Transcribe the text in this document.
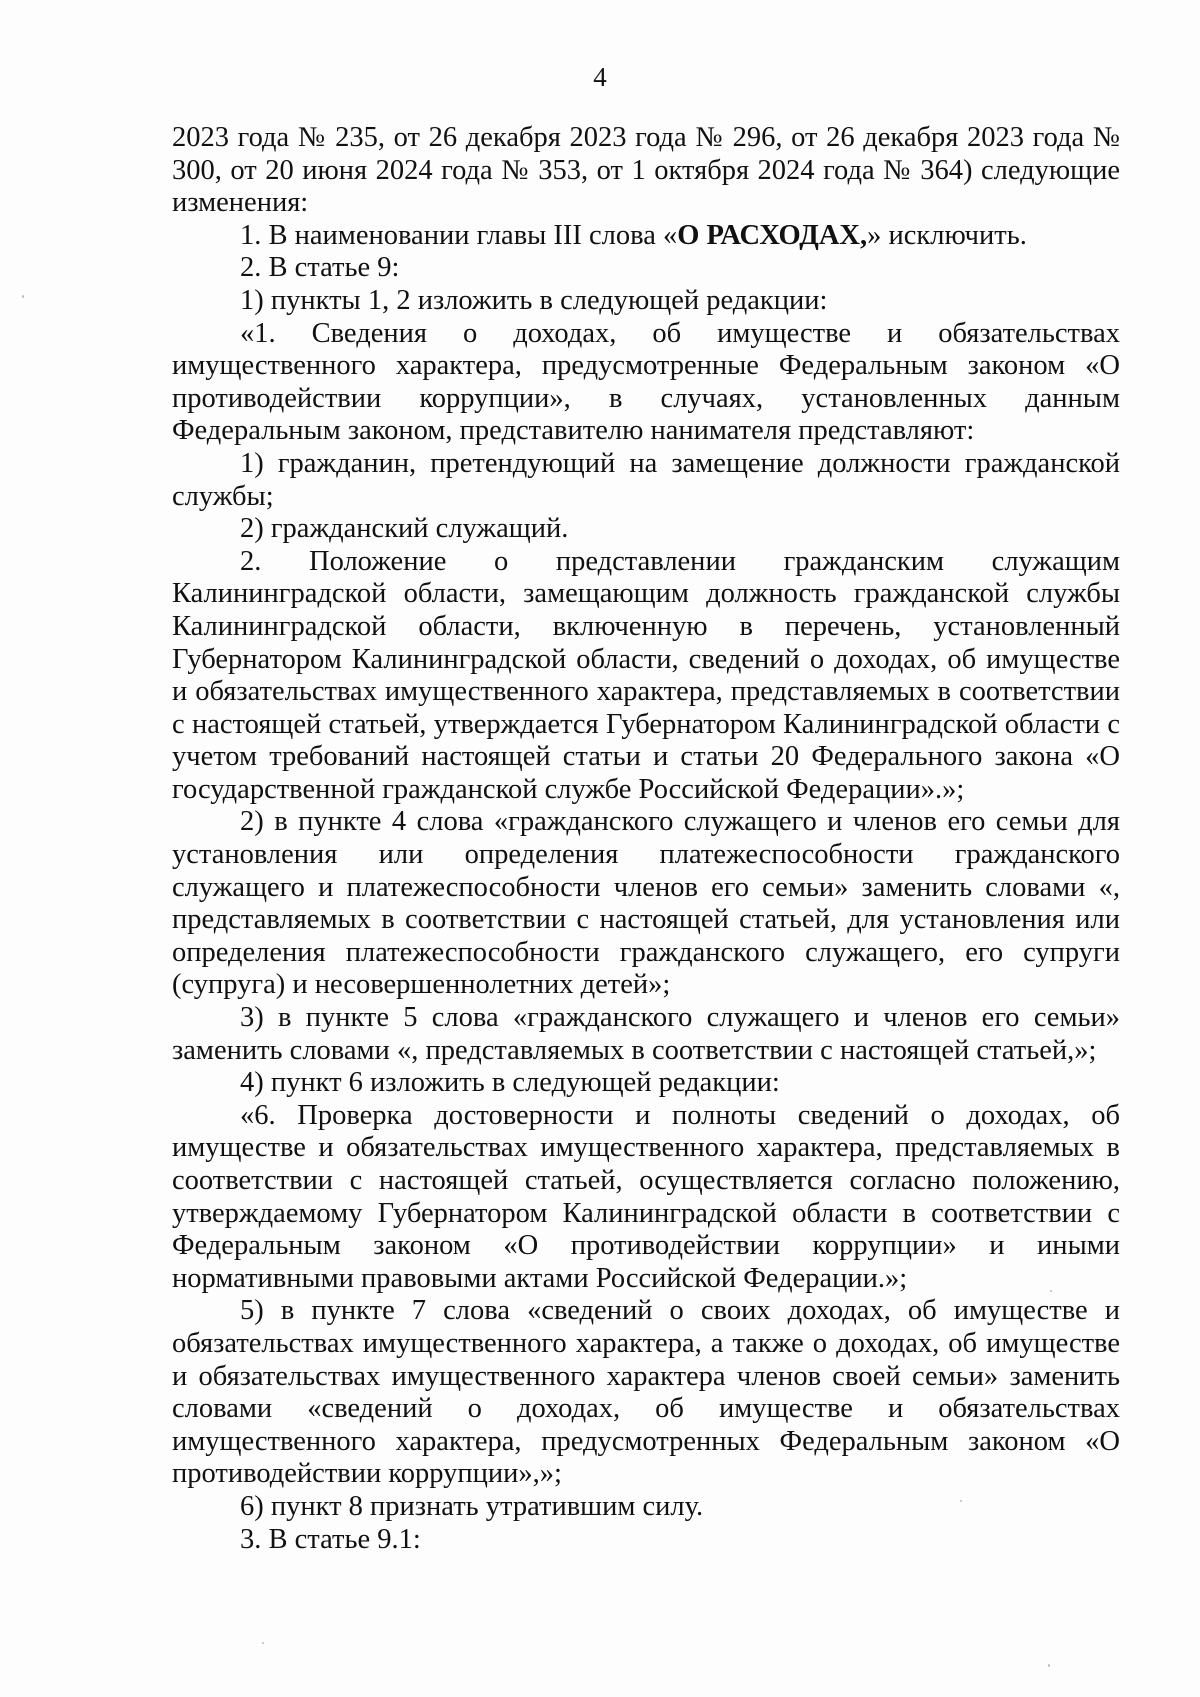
4

2023 года № 235, от 26 декабря 2023 года № 296, от 26 декабря 2023 года № 300, от 20 июня 2024 года № 353, от 1 октября 2024 года № 364) следующие изменения:

1. В наименовании главы III слова «О РАСХОДАХ,» исключить.

2. В статье 9:

1) пункты 1, 2 изложить в следующей редакции:

«1. Сведения о доходах, об имуществе и обязательствах имущественного характера, предусмотренные Федеральным законом «О противодействии коррупции», в случаях, установленных данным Федеральным законом, представителю нанимателя представляют:

1) гражданин, претендующий на замещение должности гражданской службы;

2) гражданский служащий.

2. Положение о представлении гражданским служащим Калининградской области, замещающим должность гражданской службы Калининградской области, включенную в перечень, установленный Губернатором Калининградской области, сведений о доходах, об имуществе и обязательствах имущественного характера, представляемых в соответствии с настоящей статьей, утверждается Губернатором Калининградской области с учетом требований настоящей статьи и статьи 20 Федерального закона «О государственной гражданской службе Российской Федерации».»;

2) в пункте 4 слова «гражданского служащего и членов его семьи для установления или определения платежеспособности гражданского служащего и платежеспособности членов его семьи» заменить словами «, представляемых в соответствии с настоящей статьей, для установления или определения платежеспособности гражданского служащего, его супруги (супруга) и несовершеннолетних детей»;

3) в пункте 5 слова «гражданского служащего и членов его семьи» заменить словами «, представляемых в соответствии с настоящей статьей,»;

4) пункт 6 изложить в следующей редакции:

«6. Проверка достоверности и полноты сведений о доходах, об имуществе и обязательствах имущественного характера, представляемых в соответствии с настоящей статьей, осуществляется согласно положению, утверждаемому Губернатором Калининградской области в соответствии с Федеральным законом «О противодействии коррупции» и иными нормативными правовыми актами Российской Федерации.»;

5) в пункте 7 слова «сведений о своих доходах, об имуществе и обязательствах имущественного характера, а также о доходах, об имуществе и обязательствах имущественного характера членов своей семьи» заменить словами «сведений о доходах, об имуществе и обязательствах имущественного характера, предусмотренных Федеральным законом «О противодействии коррупции»,»;

6) пункт 8 признать утратившим силу.

3. В статье 9.1:
